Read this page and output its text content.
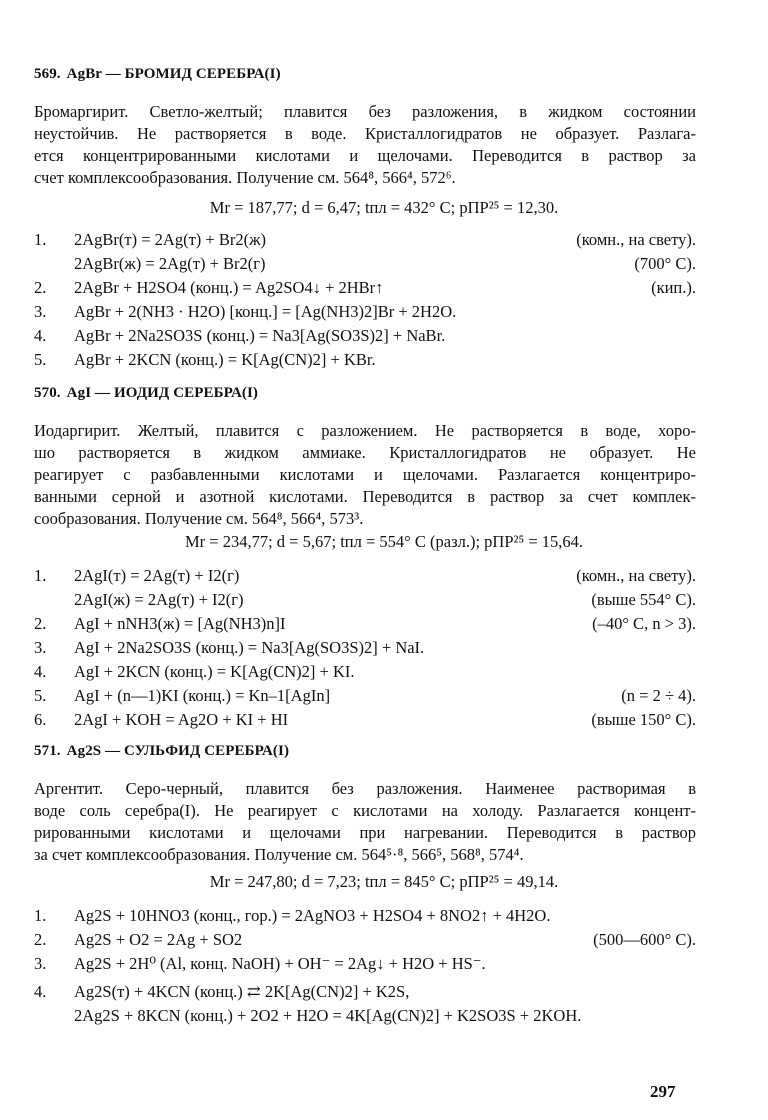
569. AgBr — БРОМИД СЕРЕБРА(I)

Бромаргирит. Светло-желтый; плавится без разложения, в жидком состоянии
неустойчив. Не растворяется в воде. Кристаллогидратов не образует. Разлага-
ется концентрированными кислотами и щелочами. Переводится в раствор за
счет комплексообразования. Получение см. 564⁸, 566⁴, 572⁶.

Mr = 187,77; d = 6,47; tпл = 432° C; рПР²⁵ = 12,30.

1.	2AgBr(т) = 2Ag(т) + Br2(ж)	(комн., на свету).
2AgBr(ж) = 2Ag(т) + Br2(г)	(700° C).
2.	2AgBr + H2SO4 (конц.) = Ag2SO4↓ + 2HBr↑	(кип.).
3.	AgBr + 2(NH3 · H2O) [конц.] = [Ag(NH3)2]Br + 2H2O.
4.	AgBr + 2Na2SO3S (конц.) = Na3[Ag(SO3S)2] + NaBr.
5.	AgBr + 2KCN (конц.) = K[Ag(CN)2] + KBr.
570. AgI — ИОДИД СЕРЕБРА(I)

Иодаргирит. Желтый, плавится с разложением. Не растворяется в воде, хоро-
шо растворяется в жидком аммиаке. Кристаллогидратов не образует. Не
реагирует с разбавленными кислотами и щелочами. Разлагается концентриро-
ванными серной и азотной кислотами. Переводится в раствор за счет комплек-
сообразования. Получение см. 564⁸, 566⁴, 573³.

Mr = 234,77; d = 5,67; tпл = 554° C (разл.); рПР²⁵ = 15,64.

1.	2AgI(т) = 2Ag(т) + I2(г)	(комн., на свету).
2AgI(ж) = 2Ag(т) + I2(г)	(выше 554° C).
2.	AgI + nNH3(ж) = [Ag(NH3)n]I	(–40° C, n > 3).
3.	AgI + 2Na2SO3S (конц.) = Na3[Ag(SO3S)2] + NaI.
4.	AgI + 2KCN (конц.) = K[Ag(CN)2] + KI.
5.	AgI + (n—1)KI (конц.) = Kn–1[AgIn]	(n = 2 ÷ 4).
6.	2AgI + KOH = Ag2O + KI + HI	(выше 150° C).
571. Ag2S — СУЛЬФИД СЕРЕБРА(I)

Аргентит. Серо-черный, плавится без разложения. Наименее растворимая в
воде соль серебра(I). Не реагирует с кислотами на холоду. Разлагается концент-
рированными кислотами и щелочами при нагревании. Переводится в раствор
за счет комплексообразования. Получение см. 564⁵·⁸, 566⁵, 568⁸, 574⁴.

Mr = 247,80; d = 7,23; tпл = 845° C; рПР²⁵ = 49,14.

1.	Ag2S + 10HNO3 (конц., гор.) = 2AgNO3 + H2SO4 + 8NO2↑ + 4H2O.
2.	Ag2S + O2 = 2Ag + SO2	(500—600° C).
3.	Ag2S + 2H⁰ (Al, конц. NaOH) + OH⁻ = 2Ag↓ + H2O + HS⁻.
4.	Ag2S(т) + 4KCN (конц.) ⇄ 2K[Ag(CN)2] + K2S,
2Ag2S + 8KCN (конц.) + 2O2 + H2O = 4K[Ag(CN)2] + K2SO3S + 2KOH.
297
